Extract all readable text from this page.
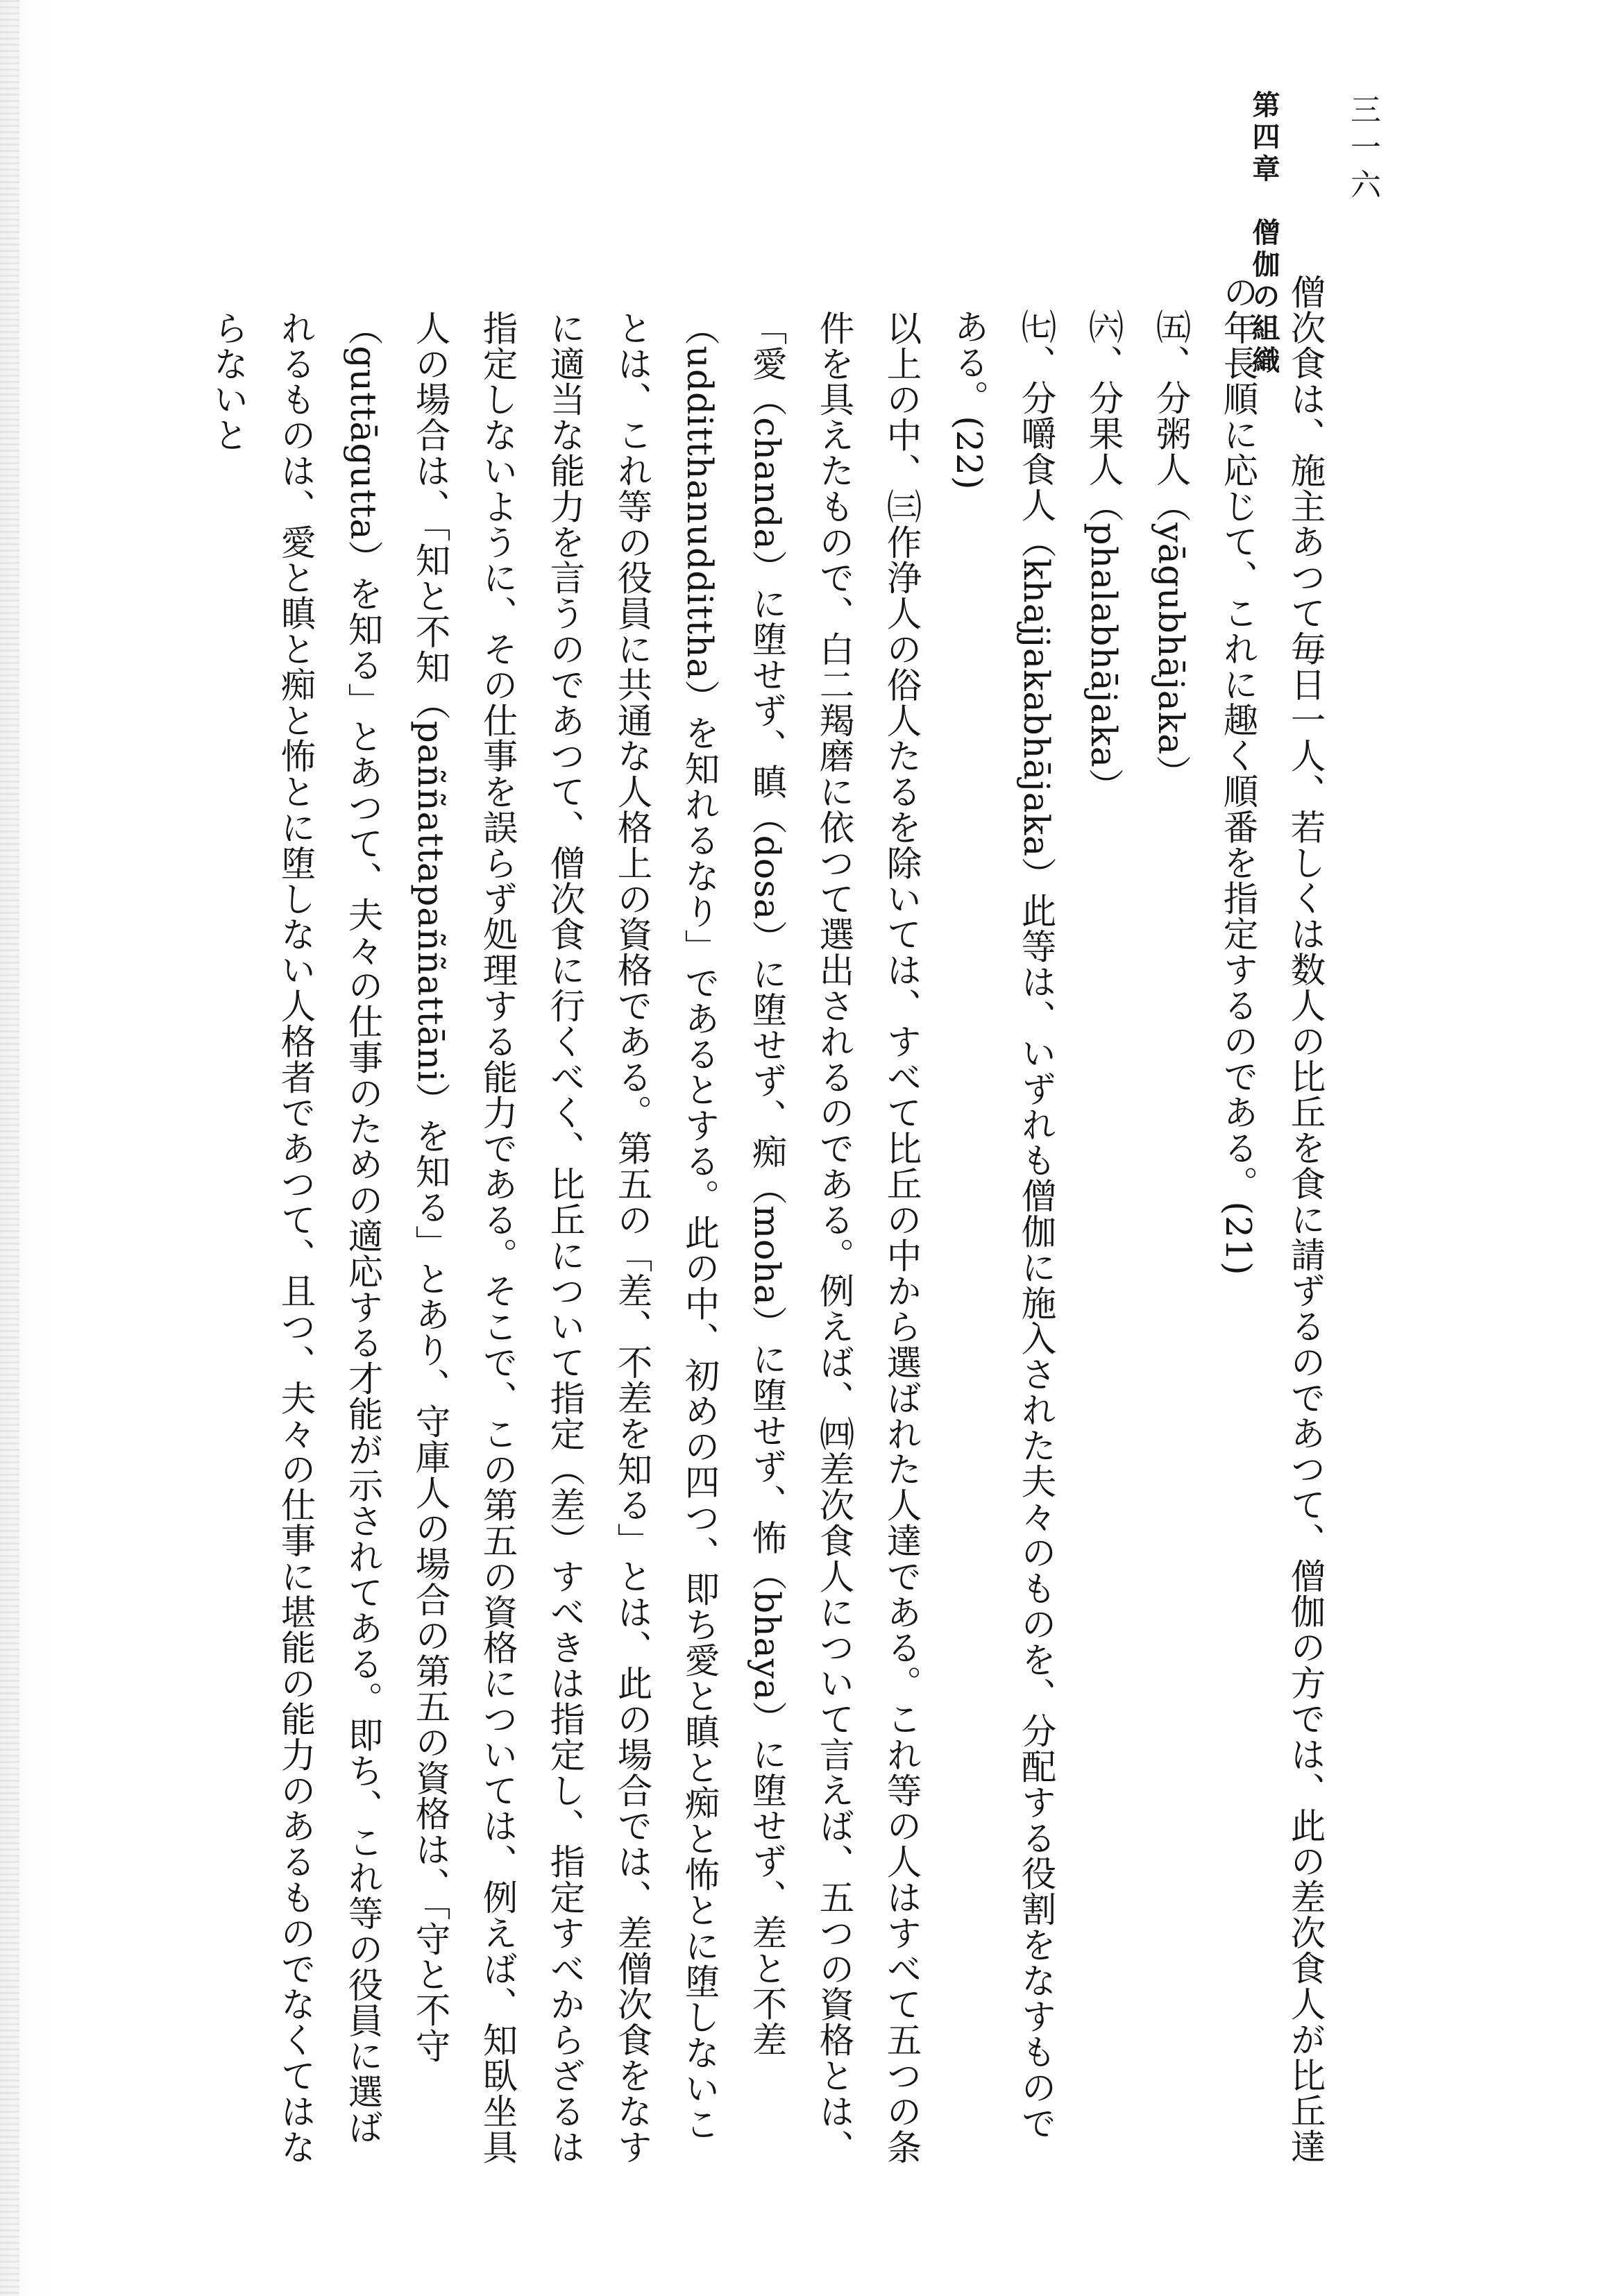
第四章　僧伽の組織 三一六

僧次食は、施主あつて毎日一人、若しくは数人の比丘を食に請ずるのであつて、僧伽の方では、此の差次食人が比丘達の年長順に応じて、これに趣く順番を指定するのである。(21)

㈤、分粥人（yāgubhājaka）

㈥、分果人（phalabhājaka）

㈦、分嚼食人（khajjakabhājaka）此等は、いずれも僧伽に施入された夫々のものを、分配する役割をなすものである。(22)

以上の中、㈢作浄人の俗人たるを除いては、すべて比丘の中から選ばれた人達である。これ等の人はすべて五つの条件を具えたもので、白二羯磨に依つて選出されるのである。例えば、㈣差次食人について言えば、五つの資格とは、「愛（chanda）に堕せず、瞋（dosa）に堕せず、痴（moha）に堕せず、怖（bhaya）に堕せず、差と不差（udditthanuddittha）を知れるなり」であるとする。此の中、初めの四つ、即ち愛と瞋と痴と怖とに堕しないことは、これ等の役員に共通な人格上の資格である。第五の「差、不差を知る」とは、此の場合では、差僧次食をなすに適当な能力を言うのであつて、僧次食に行くべく、比丘について指定（差）すべきは指定し、指定すべからざるは指定しないように、その仕事を誤らず処理する能力である。そこで、この第五の資格については、例えば、知臥坐具人の場合は、「知と不知（paññattapaññattāni）を知る」とあり、守庫人の場合の第五の資格は、「守と不守（guttāgutta）を知る」とあつて、夫々の仕事のための適応する才能が示されてある。即ち、これ等の役員に選ばれるものは、愛と瞋と痴と怖とに堕しない人格者であつて、且つ、夫々の仕事に堪能の能力のあるものでなくてはならないと
